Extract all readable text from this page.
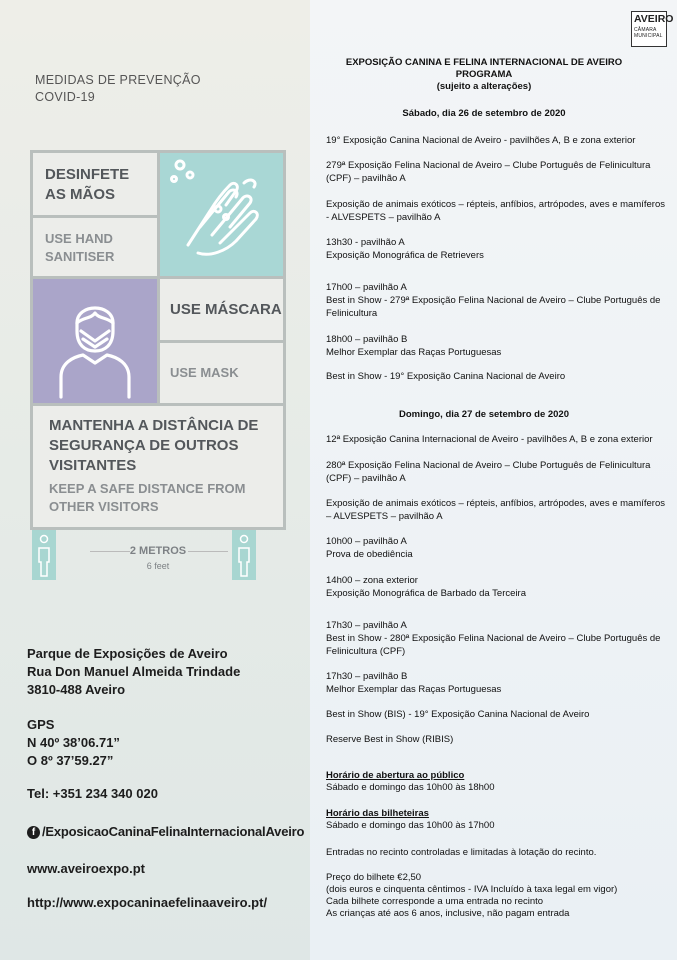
AVEIRO
CÂMARA
MUNICIPAL
MEDIDAS DE PREVENÇÃO
COVID-19
DESINFETE
AS MÃOS
USE HAND
SANITISER
USE MÁSCARA
USE MASK
MANTENHA A DISTÂNCIA DE
SEGURANÇA DE OUTROS
VISITANTES
KEEP A SAFE DISTANCE FROM
OTHER VISITORS
2 METROS
6 feet
Parque de Exposições de Aveiro
Rua Don Manuel Almeida Trindade
3810-488 Aveiro
GPS
N 40º 38’06.71”
O 8º 37’59.27”
Tel: +351 234 340 020
f /ExposicaoCaninaFelinaInternacionalAveiro
www.aveiroexpo.pt
http://www.expocaninaefelinaaveiro.pt/
EXPOSIÇÃO CANINA E FELINA INTERNACIONAL DE AVEIRO
PROGRAMA
(sujeito a alterações)
Sábado, dia 26 de setembro de 2020
19° Exposição Canina Nacional de Aveiro - pavilhões A, B e zona exterior
279ª Exposição Felina Nacional de Aveiro – Clube Português de Felinicultura (CPF) – pavilhão A
Exposição de animais exóticos – répteis, anfíbios, artrópodes, aves e mamíferos - ALVESPETS – pavilhão A
13h30 - pavilhão A
Exposição Monográfica de Retrievers
17h00 – pavilhão A
Best in Show - 279ª Exposição Felina Nacional de Aveiro – Clube Português de Felinicultura
18h00 – pavilhão B
Melhor Exemplar das Raças Portuguesas
Best in Show - 19° Exposição Canina Nacional de Aveiro
Domingo, dia 27 de setembro de 2020
12ª Exposição Canina Internacional de Aveiro - pavilhões A, B e zona exterior
280ª Exposição Felina Nacional de Aveiro – Clube Português de Felinicultura (CPF) – pavilhão A
Exposição de animais exóticos – répteis, anfíbios, artrópodes, aves e mamíferos – ALVESPETS – pavilhão A
10h00 – pavilhão A
Prova de obediência
14h00 – zona exterior
Exposição Monográfica de Barbado da Terceira
17h30 – pavilhão A
Best in Show - 280ª Exposição Felina Nacional de Aveiro – Clube Português de Felinicultura (CPF)
17h30 – pavilhão B
Melhor Exemplar das Raças Portuguesas
Best in Show (BIS) - 19° Exposição Canina Nacional de Aveiro
Reserve Best in Show (RIBIS)
Horário de abertura ao público
Sábado e domingo das 10h00 às 18h00
Horário das bilheteiras
Sábado e domingo das 10h00 às 17h00
Entradas no recinto controladas e limitadas à lotação do recinto.
Preço do bilhete €2,50
(dois euros e cinquenta cêntimos - IVA Incluído à taxa legal em vigor)
Cada bilhete corresponde a uma entrada no recinto
As crianças até aos 6 anos, inclusive, não pagam entrada
